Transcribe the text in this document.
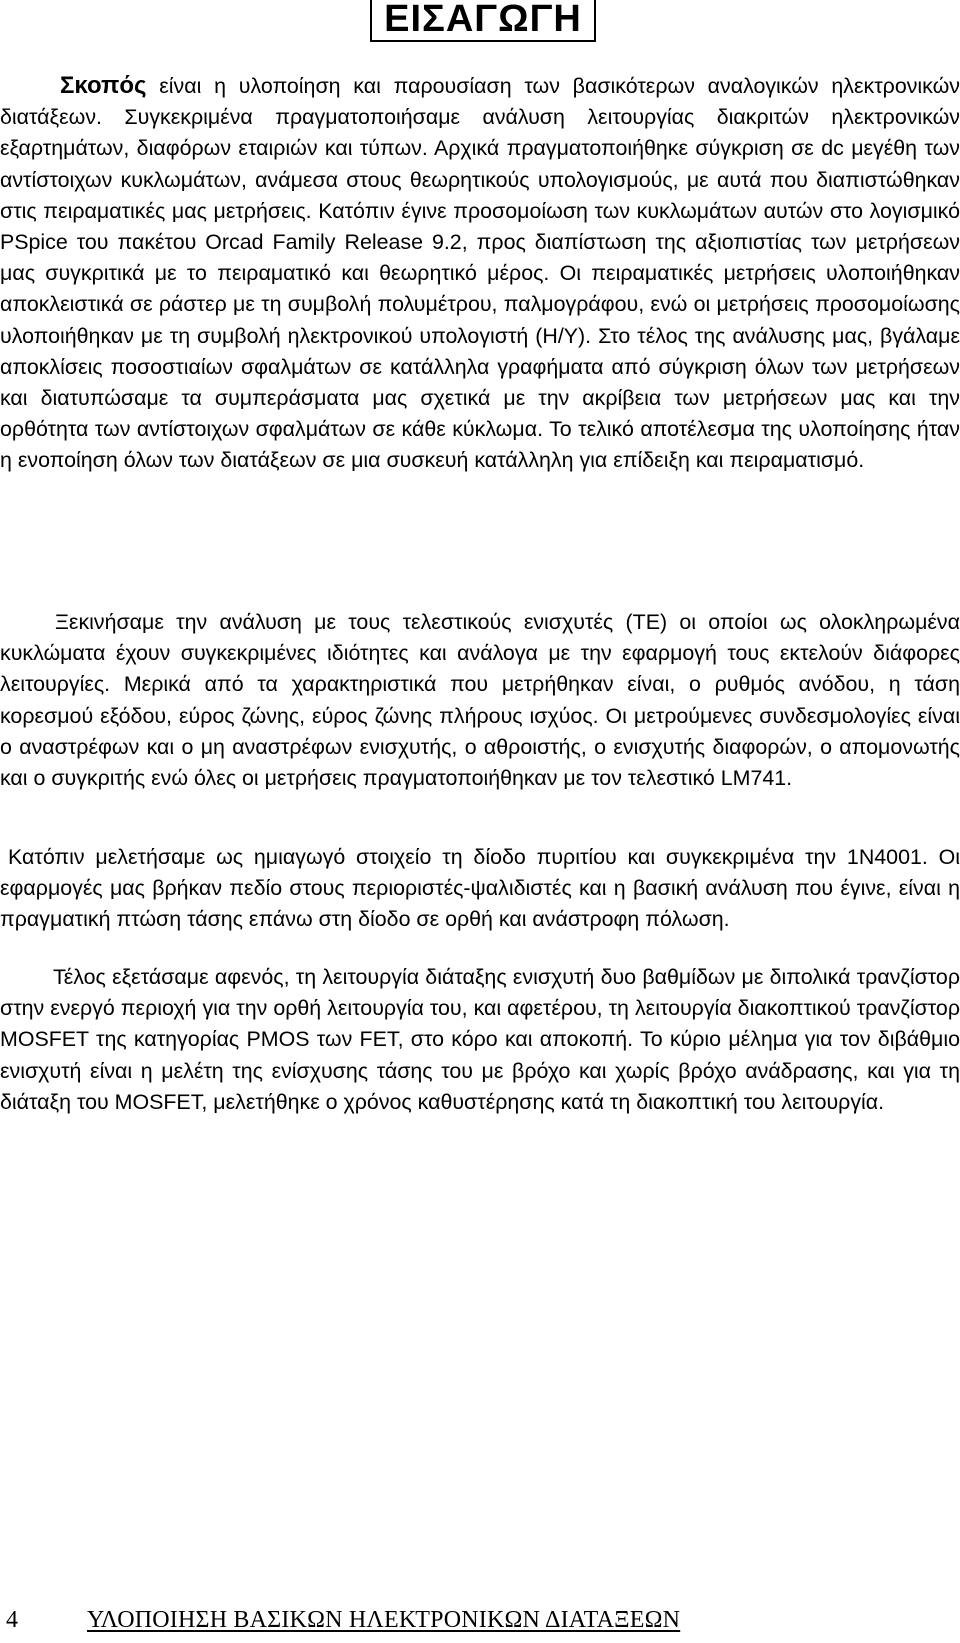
ΕΙΣΑΓΩΓΗ

Σκοπός είναι η υλοποίηση και παρουσίαση των βασικότερων αναλογικών ηλεκτρονικών διατάξεων. Συγκεκριμένα πραγματοποιήσαμε ανάλυση λειτουργίας διακριτών ηλεκτρονικών εξαρτημάτων, διαφόρων εταιριών και τύπων. Αρχικά πραγματοποιήθηκε σύγκριση σε dc μεγέθη των αντίστοιχων κυκλωμάτων, ανάμεσα στους θεωρητικούς υπολογισμούς, με αυτά που διαπιστώθηκαν στις πειραματικές μας μετρήσεις. Κατόπιν έγινε προσομοίωση των κυκλωμάτων αυτών στο λογισμικό PSpice του πακέτου Orcad Family Release 9.2, προς διαπίστωση της αξιοπιστίας των μετρήσεων μας συγκριτικά με το πειραματικό και θεωρητικό μέρος. Οι πειραματικές μετρήσεις υλοποιήθηκαν αποκλειστικά σε ράστερ με τη συμβολή πολυμέτρου, παλμογράφου, ενώ οι μετρήσεις προσομοίωσης υλοποιήθηκαν με τη συμβολή ηλεκτρονικού υπολογιστή (Η/Υ). Στο τέλος της ανάλυσης μας, βγάλαμε αποκλίσεις ποσοστιαίων σφαλμάτων σε κατάλληλα γραφήματα από σύγκριση όλων των μετρήσεων και διατυπώσαμε τα συμπεράσματα μας σχετικά με την ακρίβεια των μετρήσεων μας και την ορθότητα των αντίστοιχων σφαλμάτων σε κάθε κύκλωμα. Το τελικό αποτέλεσμα της υλοποίησης ήταν η ενοποίηση όλων των διατάξεων σε μια συσκευή κατάλληλη για επίδειξη και πειραματισμό.

Ξεκινήσαμε την ανάλυση με τους τελεστικούς ενισχυτές (ΤΕ) οι οποίοι ως ολοκληρωμένα κυκλώματα έχουν συγκεκριμένες ιδιότητες και ανάλογα με την εφαρμογή τους εκτελούν διάφορες λειτουργίες. Μερικά από τα χαρακτηριστικά που μετρήθηκαν είναι, ο ρυθμός ανόδου, η τάση κορεσμού εξόδου, εύρος ζώνης, εύρος ζώνης πλήρους ισχύος. Οι μετρούμενες συνδεσμολογίες είναι ο αναστρέφων και ο μη αναστρέφων ενισχυτής, ο αθροιστής, ο ενισχυτής διαφορών, ο απομονωτής και ο συγκριτής ενώ όλες οι μετρήσεις πραγματοποιήθηκαν με τον τελεστικό LM741.

Κατόπιν μελετήσαμε ως ημιαγωγό στοιχείο τη δίοδο πυριτίου και συγκεκριμένα την 1N4001. Οι εφαρμογές μας βρήκαν πεδίο στους περιοριστές-ψαλιδιστές και η βασική ανάλυση που έγινε, είναι η πραγματική πτώση τάσης επάνω στη δίοδο σε ορθή και ανάστροφη πόλωση.

Τέλος εξετάσαμε αφενός, τη λειτουργία διάταξης ενισχυτή δυο βαθμίδων με διπολικά τρανζίστορ στην ενεργό περιοχή για την ορθή λειτουργία του, και αφετέρου, τη λειτουργία διακοπτικού τρανζίστορ MOSFET της κατηγορίας PMOS των FET, στο κόρο και αποκοπή. Το κύριο μέλημα για τον διβάθμιο ενισχυτή είναι η μελέτη της ενίσχυσης τάσης του με βρόχο και χωρίς βρόχο ανάδρασης, και για τη διάταξη του MOSFET, μελετήθηκε ο χρόνος καθυστέρησης κατά τη διακοπτική του λειτουργία.

4	ΥΛΟΠΟΙΗΣΗ ΒΑΣΙΚΩΝ ΗΛΕΚΤΡΟΝΙΚΩΝ ΔΙΑΤΑΞΕΩΝ
